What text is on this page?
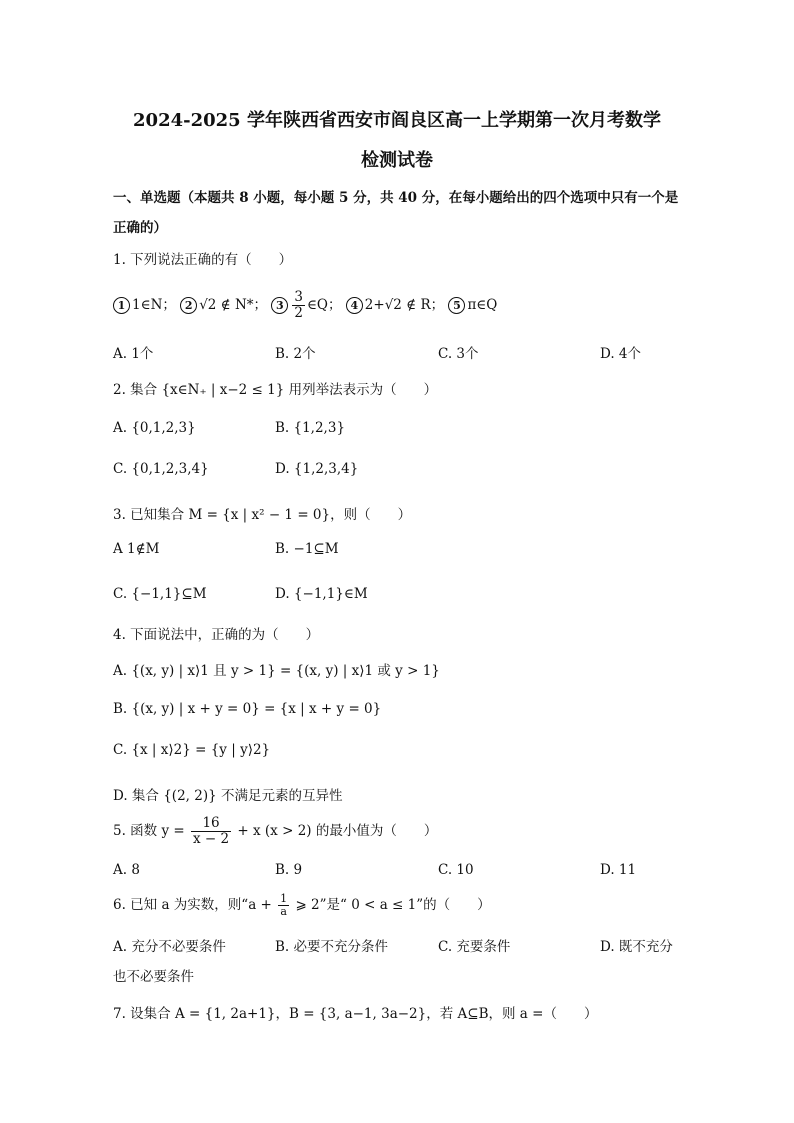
2024-2025 学年陕西省西安市阎良区高一上学期第一次月考数学
检测试卷
一、单选题（本题共 8 小题，每小题 5 分，共 40 分，在每小题给出的四个选项中只有一个是
正确的）
1. 下列说法正确的有（　　）
1 1∈N； 2 √2 ∉ N*； $3 \frac{3}{2}$ ∈Q； 4 2+√2 ∉ R； 5 π∈Q
A. 1个	B. 2个	C. 3个	D. 4个
2. 集合 {x∈N₊ | x−2 ≤ 1} 用列举法表示为（　　）
A. {0,1,2,3}	B. {1,2,3}
C. {0,1,2,3,4}	D. {1,2,3,4}
3. 已知集合 M = {x | x² − 1 = 0}，则（　　）
A 1∉M	B. −1⊆M
C. {−1,1}⊆M	D. {−1,1}∈M
4. 下面说法中，正确的为（　　）
A. {(x, y) | x⟩1 且 y > 1} = {(x, y) | x⟩1 或 y > 1}
B. {(x, y) | x + y = 0} = {x | x + y = 0}
C. {x | x⟩2} = {y | y⟩2}
D. 集合 {(2, 2)} 不满足元素的互异性
5. 函数 $y = \frac{16}{x - 2} + x$ (x > 2) 的最小值为（　　）
A. 8	B. 9	C. 10	D. 11
6. 已知 a 为实数，则“$a + \frac{1}{a}$ ⩾ 2”是“ 0 < a ≤ 1”的（　　）
A. 充分不必要条件	B. 必要不充分条件	C. 充要条件	D. 既不充分
也不必要条件
7. 设集合 A = {1, 2a+1}，B = {3, a−1, 3a−2}，若 A⊆B，则 a =（　　）
